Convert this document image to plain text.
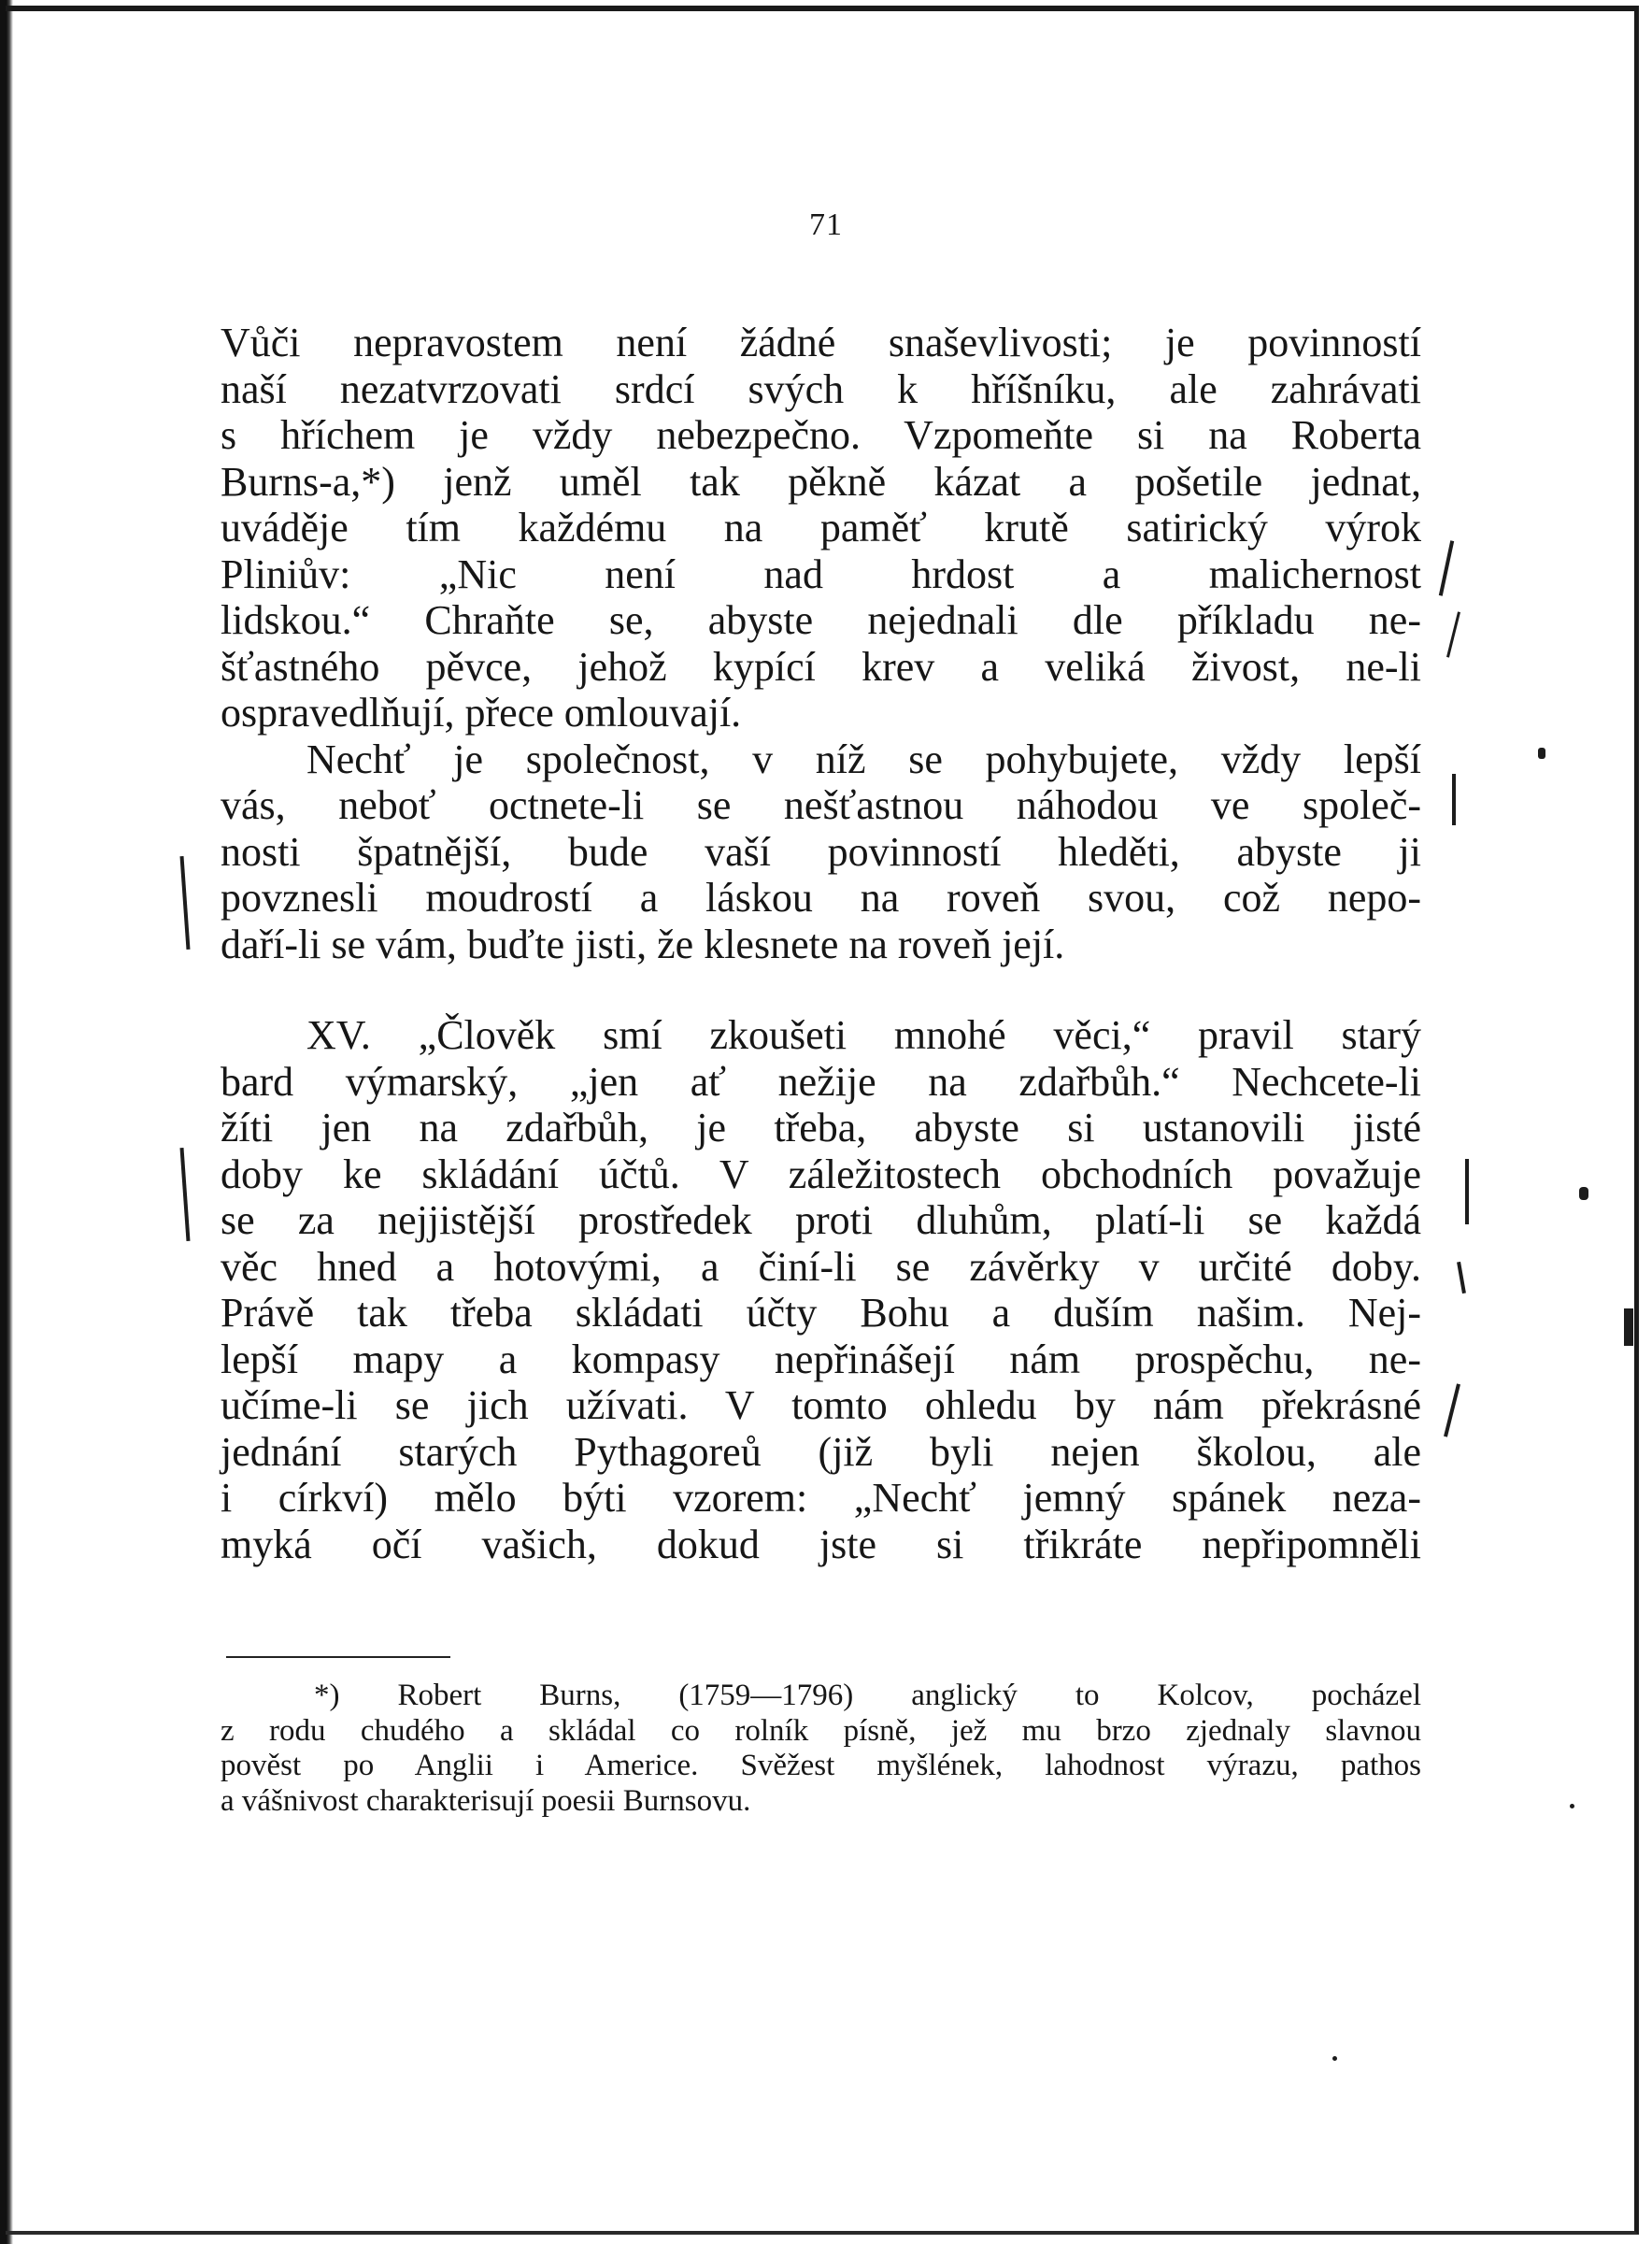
71
Vůči nepravostem není žádné snaševlivosti; je povinností
naší nezatvrzovati srdcí svých k hříšníku, ale zahrávati
s hříchem je vždy nebezpečno. Vzpomeňte si na Roberta
Burns-a,*) jenž uměl tak pěkně kázat a pošetile jednat,
uváděje tím každému na paměť krutě satirický výrok
Pliniův: „Nic není nad hrdost a malichernost
lidskou.“ Chraňte se, abyste nejednali dle příkladu ne-
šťastného pěvce, jehož kypící krev a veliká živost, ne-li
ospravedlňují, přece omlouvají.
Nechť je společnost, v níž se pohybujete, vždy lepší
vás, neboť octnete-li se nešťastnou náhodou ve společ-
nosti špatnější, bude vaší povinností hleděti, abyste ji
povznesli moudrostí a láskou na roveň svou, což nepo-
daří-li se vám, buďte jisti, že klesnete na roveň její.
XV. „Člověk smí zkoušeti mnohé věci,“ pravil starý
bard výmarský, „jen ať nežije na zdařbůh.“ Nechcete-li
žíti jen na zdařbůh, je třeba, abyste si ustanovili jisté
doby ke skládání účtů. V záležitostech obchodních považuje
se za nejjistější prostředek proti dluhům, platí-li se každá
věc hned a hotovými, a činí-li se závěrky v určité doby.
Právě tak třeba skládati účty Bohu a duším našim. Nej-
lepší mapy a kompasy nepřinášejí nám prospěchu, ne-
učíme-li se jich užívati. V tomto ohledu by nám překrásné
jednání starých Pythagoreů (již byli nejen školou, ale
i církví) mělo býti vzorem: „Nechť jemný spánek neza-
myká očí vašich, dokud jste si třikráte nepřipomněli
*) Robert Burns, (1759—1796) anglický to Kolcov, pocházel
z rodu chudého a skládal co rolník písně, jež mu brzo zjednaly slavnou
pověst po Anglii i Americe. Svěžest myšlének, lahodnost výrazu, pathos
a vášnivost charakterisují poesii Burnsovu.
